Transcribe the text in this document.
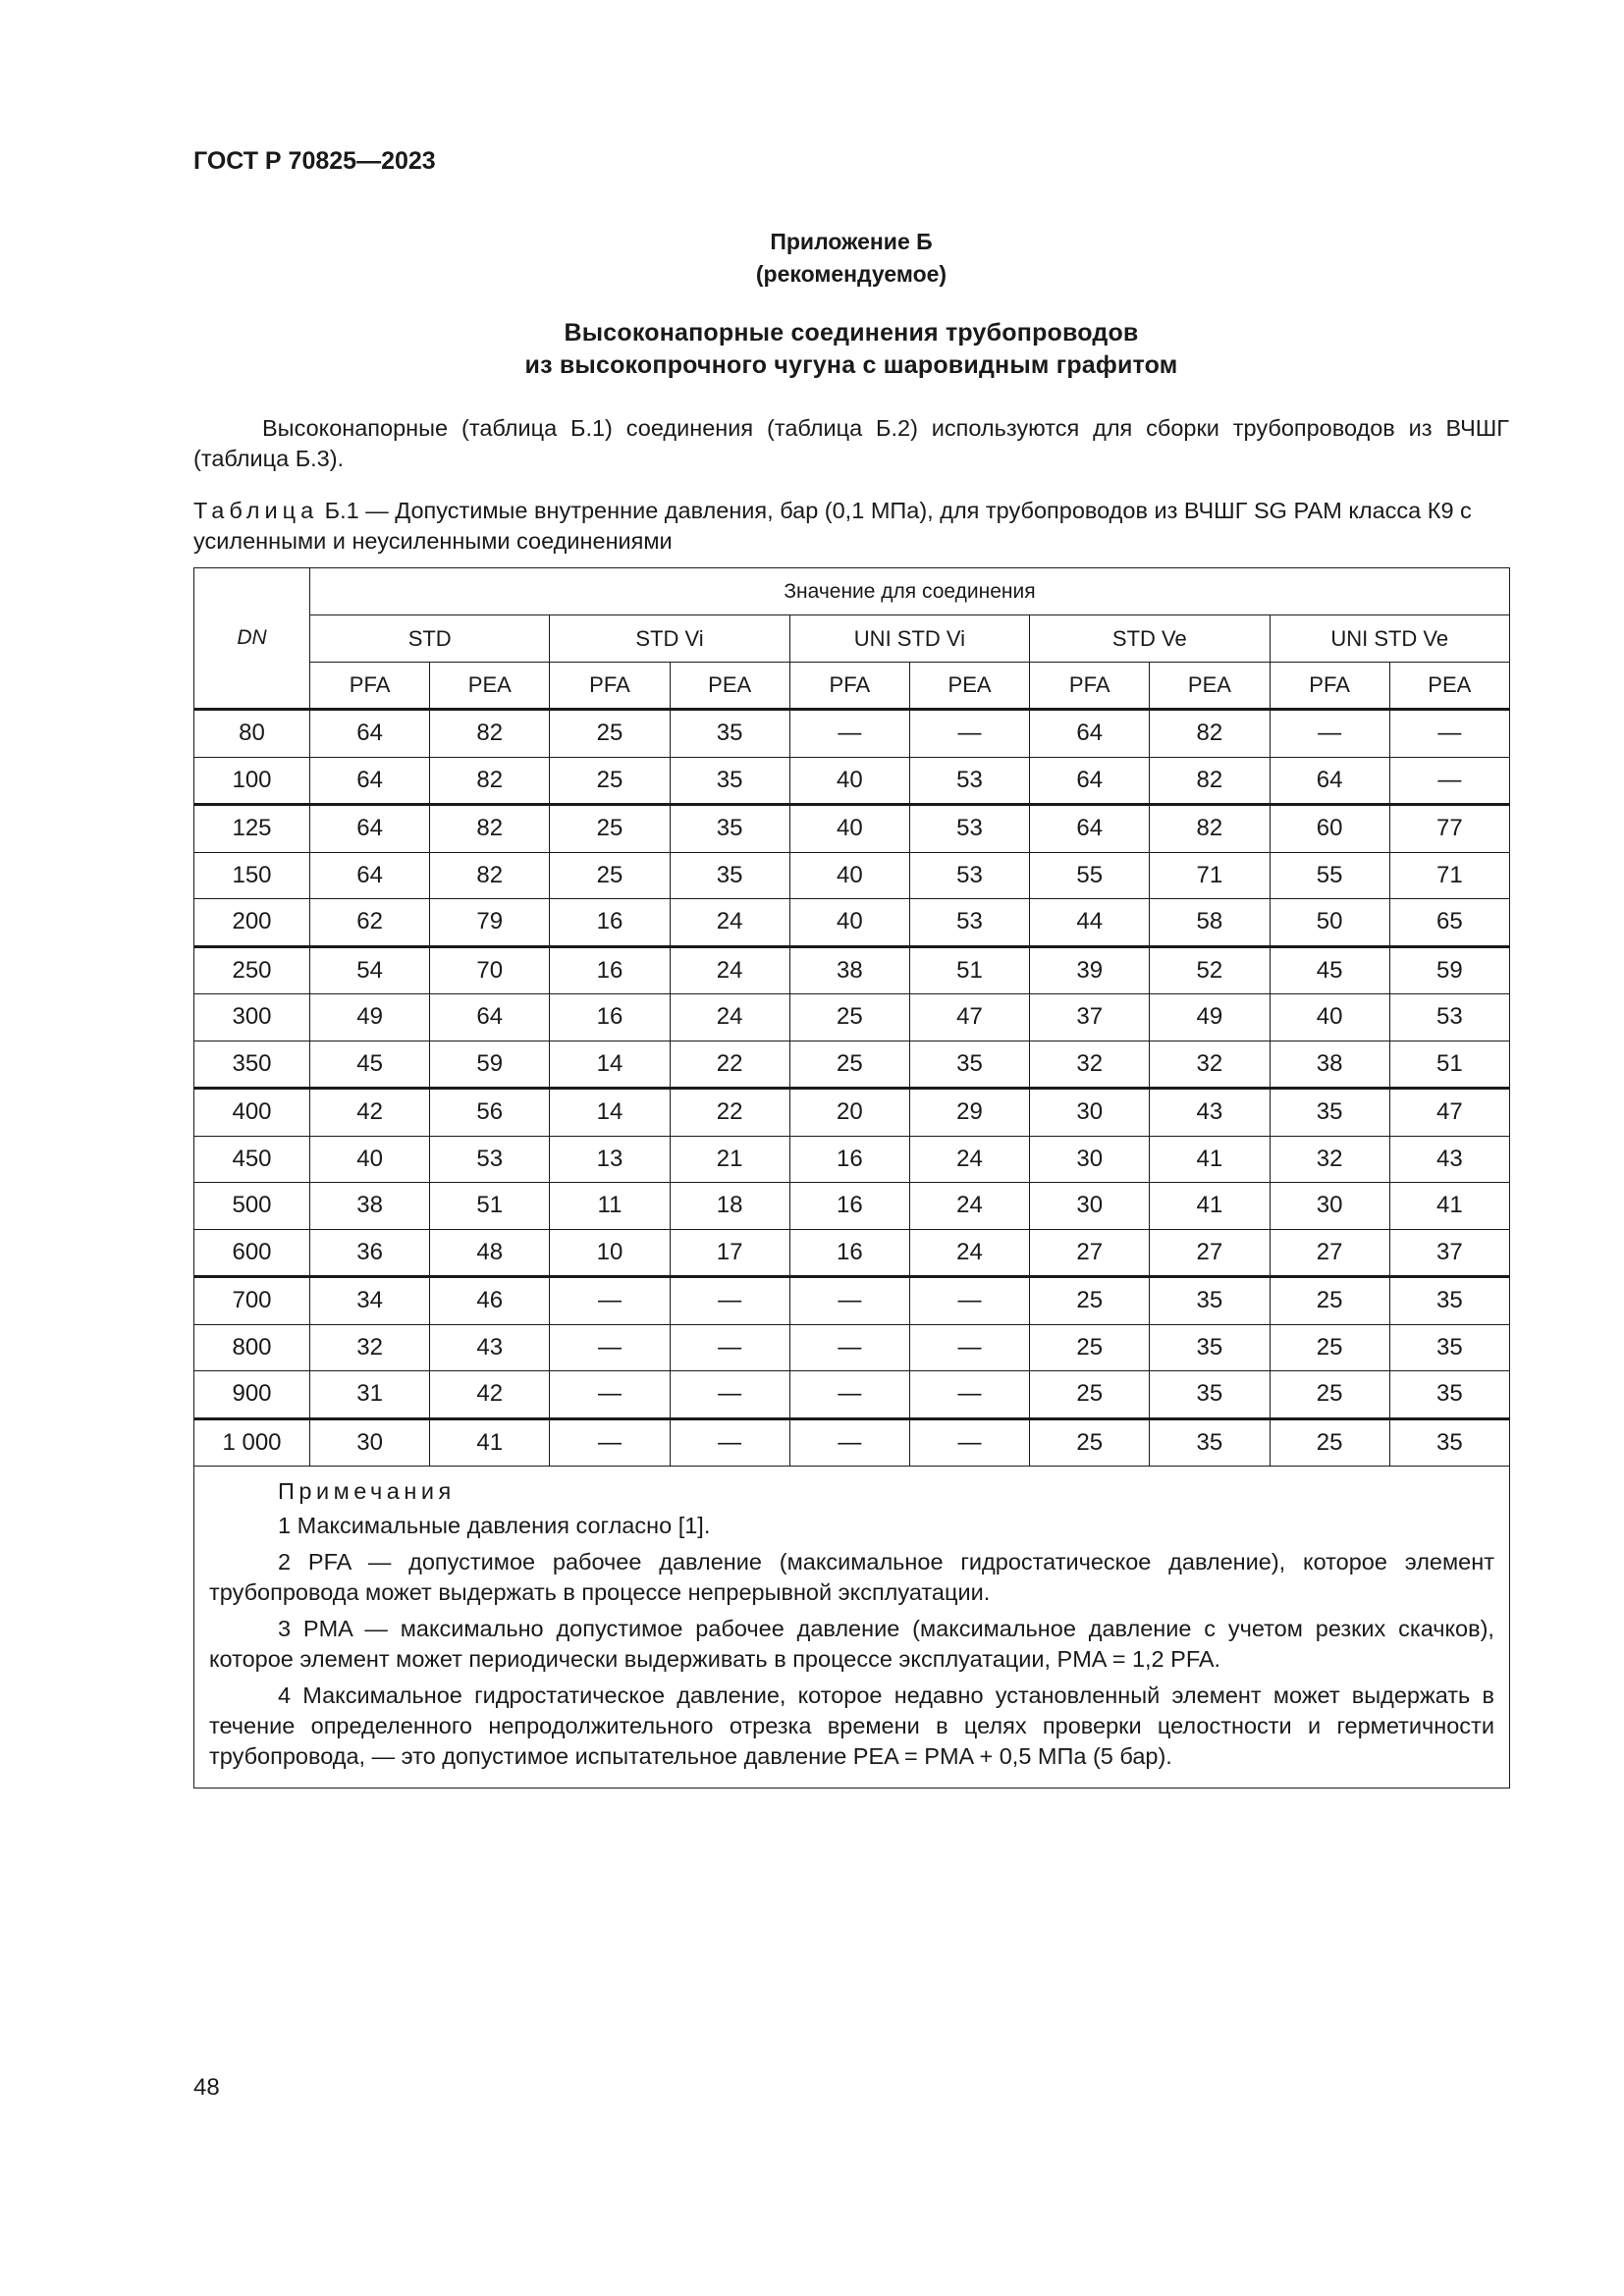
ГОСТ Р 70825—2023
Приложение Б
(рекомендуемое)
Высоконапорные соединения трубопроводов
из высокопрочного чугуна с шаровидным графитом
Высоконапорные (таблица Б.1) соединения (таблица Б.2) используются для сборки трубопроводов из ВЧШГ (таблица Б.3).
Таблица Б.1 — Допустимые внутренние давления, бар (0,1 МПа), для трубопроводов из ВЧШГ SG РАМ класса К9 с усиленными и неусиленными соединениями
DN	Значение для соединения									
	STD		STD Vi		UNI STD Vi		STD Ve		UNI STD Ve	
	PFA	PEA	PFA	PEA	PFA	PEA	PFA	PEA	PFA	PEA
80	64	82	25	35	—	—	64	82	—	—
100	64	82	25	35	40	53	64	82	64	—
125	64	82	25	35	40	53	64	82	60	77
150	64	82	25	35	40	53	55	71	55	71
200	62	79	16	24	40	53	44	58	50	65
250	54	70	16	24	38	51	39	52	45	59
300	49	64	16	24	25	47	37	49	40	53
350	45	59	14	22	25	35	32	32	38	51
400	42	56	14	22	20	29	30	43	35	47
450	40	53	13	21	16	24	30	41	32	43
500	38	51	11	18	16	24	30	41	30	41
600	36	48	10	17	16	24	27	27	27	37
700	34	46	—	—	—	—	25	35	25	35
800	32	43	—	—	—	—	25	35	25	35
900	31	42	—	—	—	—	25	35	25	35
1 000	30	41	—	—	—	—	25	35	25	35

Примечания
1 Максимальные давления согласно [1].
2 PFA — допустимое рабочее давление (максимальное гидростатическое давление), которое элемент трубопровода может выдержать в процессе непрерывной эксплуатации.
3 PMA — максимально допустимое рабочее давление (максимальное давление с учетом резких скачков), которое элемент может периодически выдерживать в процессе эксплуатации, PMA = 1,2 PFA.
4 Максимальное гидростатическое давление, которое недавно установленный элемент может выдержать в течение определенного непродолжительного отрезка времени в целях проверки целостности и герметичности трубопровода, — это допустимое испытательное давление PEA = PMA + 0,5 МПа (5 бар).										
48
